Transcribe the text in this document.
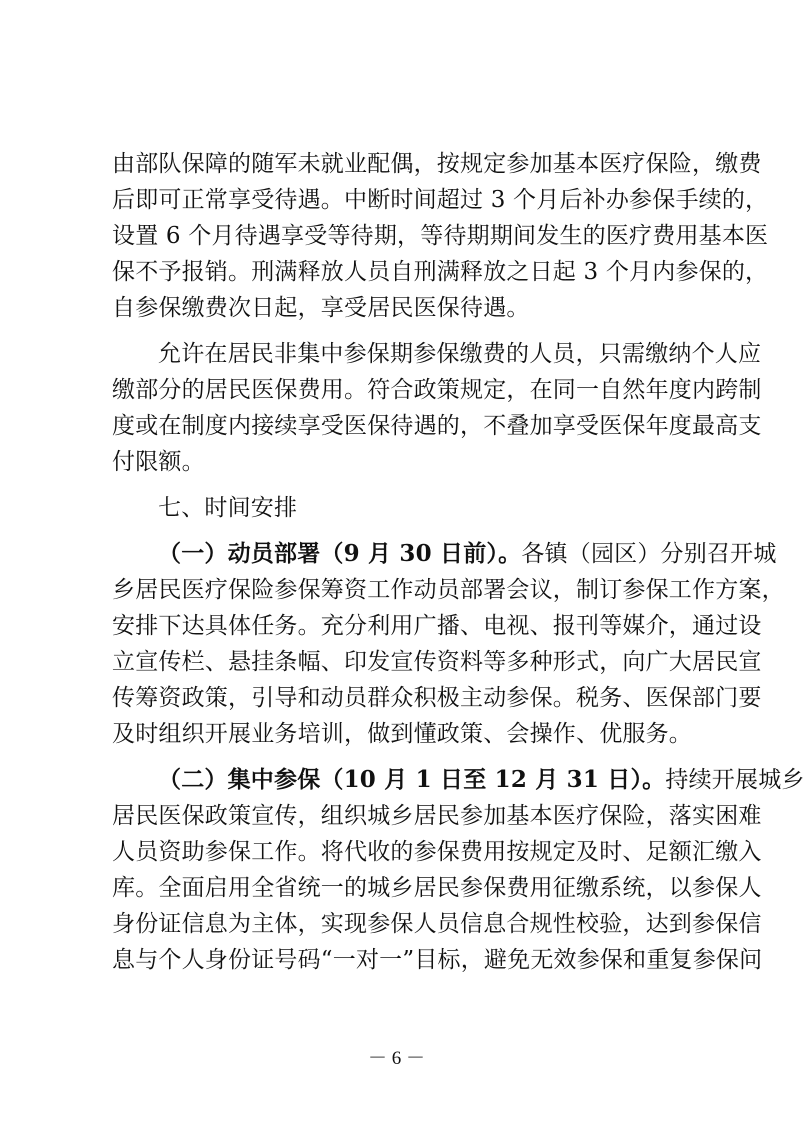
由部队保障的随军未就业配偶，按规定参加基本医疗保险，缴费
后即可正常享受待遇。中断时间超过 3 个月后补办参保手续的，
设置 6 个月待遇享受等待期，等待期期间发生的医疗费用基本医
保不予报销。刑满释放人员自刑满释放之日起 3 个月内参保的，
自参保缴费次日起，享受居民医保待遇。
允许在居民非集中参保期参保缴费的人员，只需缴纳个人应
缴部分的居民医保费用。符合政策规定，在同一自然年度内跨制
度或在制度内接续享受医保待遇的，不叠加享受医保年度最高支
付限额。
七、时间安排
（一）动员部署（9 月 30 日前）。各镇（园区）分别召开城
乡居民医疗保险参保筹资工作动员部署会议，制订参保工作方案，
安排下达具体任务。充分利用广播、电视、报刊等媒介，通过设
立宣传栏、悬挂条幅、印发宣传资料等多种形式，向广大居民宣
传筹资政策，引导和动员群众积极主动参保。税务、医保部门要
及时组织开展业务培训，做到懂政策、会操作、优服务。
（二）集中参保（10 月 1 日至 12 月 31 日）。持续开展城乡
居民医保政策宣传，组织城乡居民参加基本医疗保险，落实困难
人员资助参保工作。将代收的参保费用按规定及时、足额汇缴入
库。全面启用全省统一的城乡居民参保费用征缴系统，以参保人
身份证信息为主体，实现参保人员信息合规性校验，达到参保信
息与个人身份证号码“一对一”目标，避免无效参保和重复参保问
－ 6 －
